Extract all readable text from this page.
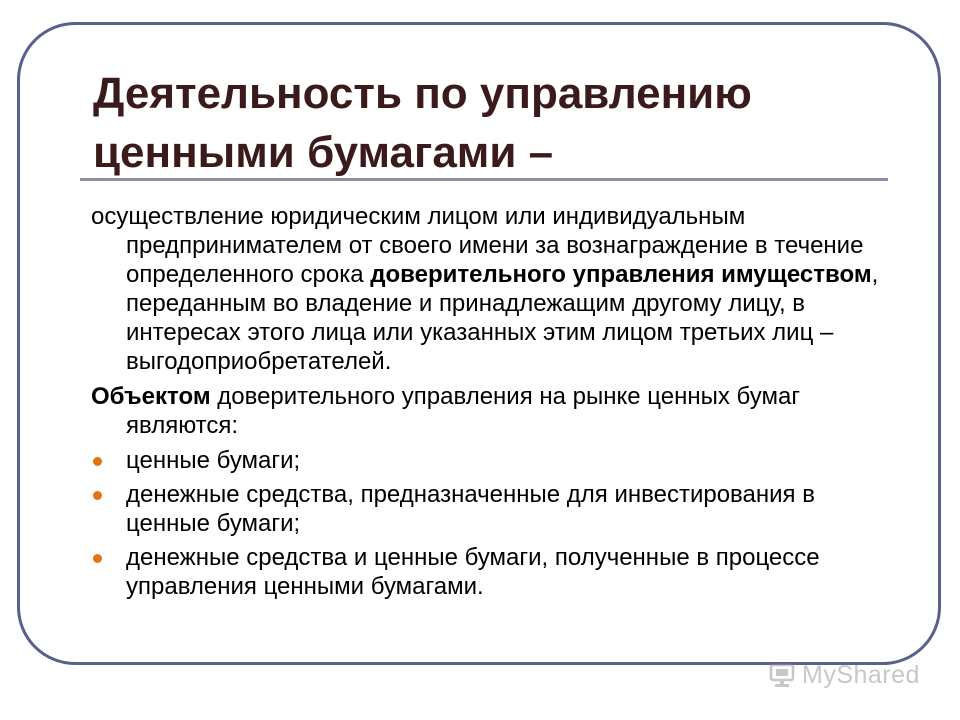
Деятельность по управлению
ценными бумагами –

осуществление юридическим лицом или индивидуальным предпринимателем от своего имени за вознаграждение в течение определенного срока доверительного управления имуществом, переданным во владение и принадлежащим другому лицу, в интересах этого лица или указанных этим лицом третьих лиц – выгодоприобретателей.

Объектом доверительного управления на рынке ценных бумаг являются:

ценные бумаги;
денежные средства, предназначенные для инвестирования в ценные бумаги;
денежные средства и ценные бумаги, полученные в процессе управления ценными бумагами.
MyShared
